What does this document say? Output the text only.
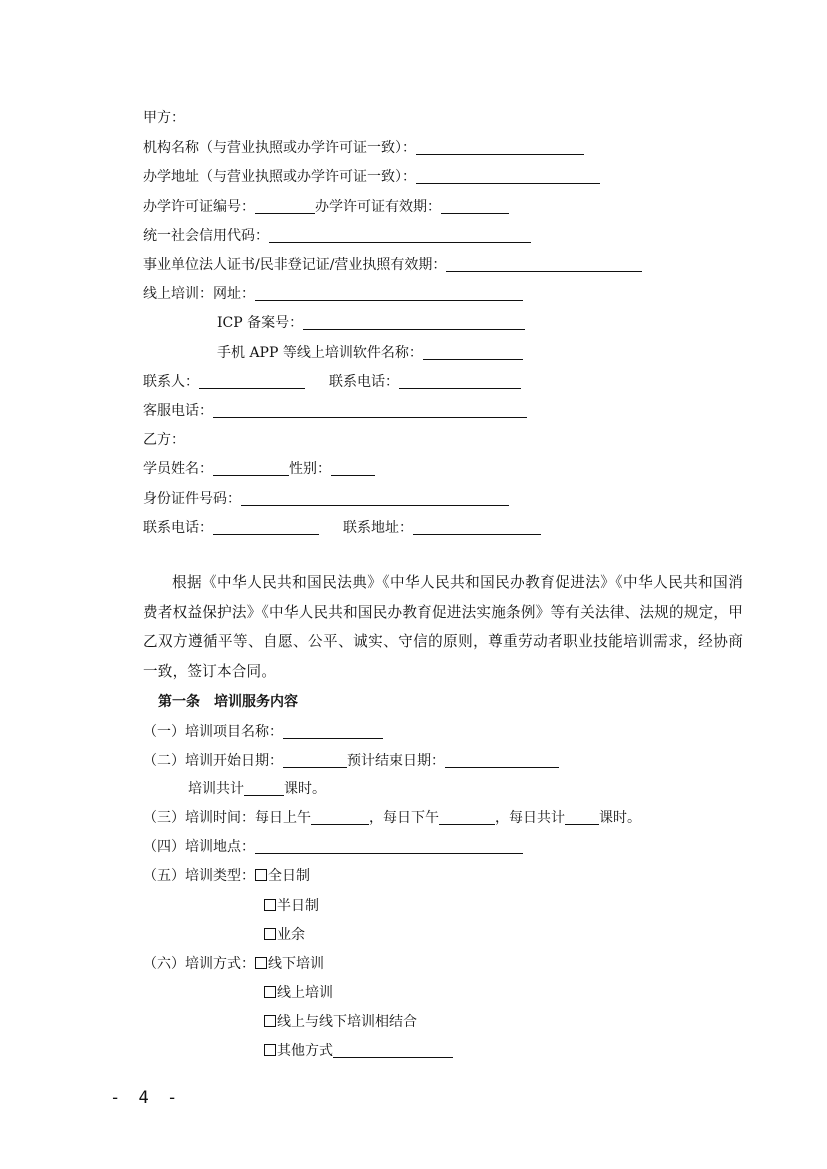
甲方：
机构名称（与营业执照或办学许可证一致）：
办学地址（与营业执照或办学许可证一致）：
办学许可证编号：	办学许可证有效期：
统一社会信用代码：
事业单位法人证书/民非登记证/营业执照有效期：
线上培训：网址：
ICP 备案号：
手机 APP 等线上培训软件名称：
联系人：	联系电话：
客服电话：
乙方：
学员姓名：	性别：
身份证件号码：
联系电话：	联系地址：
根据《中华人民共和国民法典》《中华人民共和国民办教育促进法》《中华人民共和国消费者权益保护法》《中华人民共和国民办教育促进法实施条例》等有关法律、法规的规定，甲乙双方遵循平等、自愿、公平、诚实、守信的原则，尊重劳动者职业技能培训需求，经协商一致，签订本合同。
第一条 培训服务内容
（一）培训项目名称：
（二）培训开始日期：	预计结束日期：
培训共计	课时。
（三）培训时间：每日上午	，每日下午	，每日共计 课时。
（四）培训地点：
（五）培训类型： 全日制
半日制
业余
（六）培训方式： 线下培训
线上培训
线上与线下培训相结合
其他方式
- 4 -
